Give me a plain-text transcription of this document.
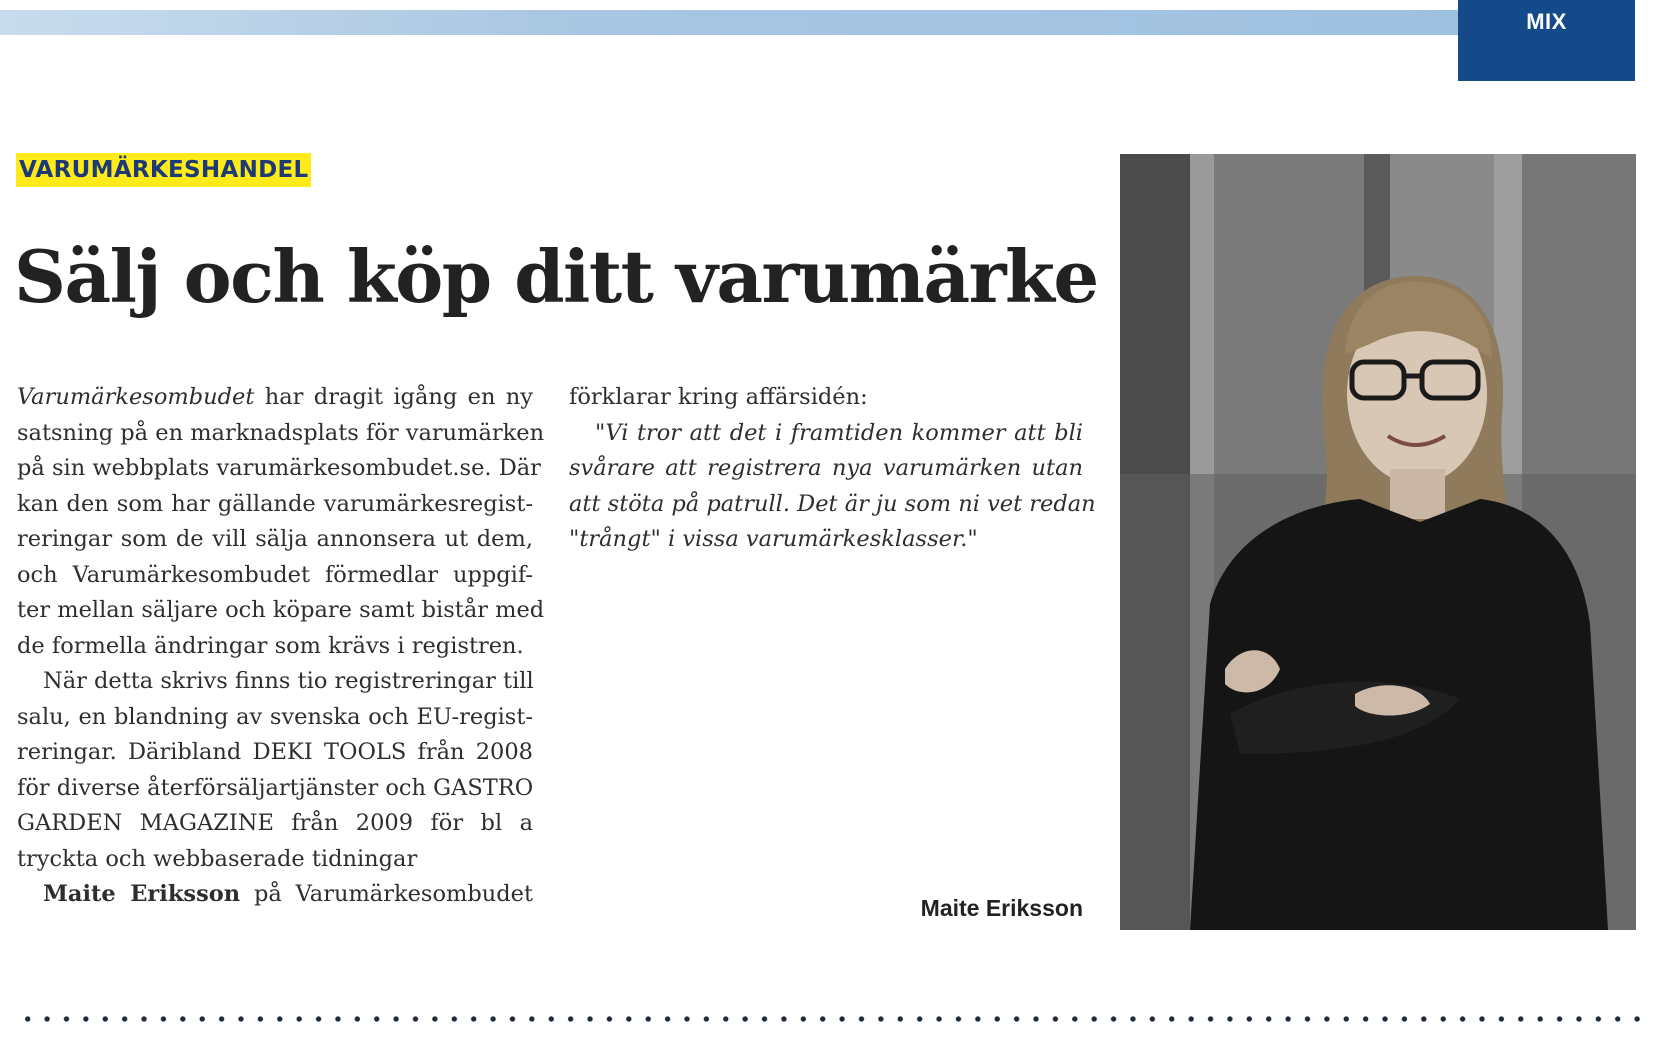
MIX
VARUMÄRKESHANDEL
Sälj och köp ditt varumärke
Varumärkesombudet har dragit igång en ny
satsning på en marknadsplats för varumärken
på sin webbplats varumärkesombudet.se. Där
kan den som har gällande varumärkesregist-
reringar som de vill sälja annonsera ut dem,
och Varumärkesombudet förmedlar uppgif-
ter mellan säljare och köpare samt bistår med
de formella ändringar som krävs i registren.
När detta skrivs finns tio registreringar till
salu, en blandning av svenska och EU-regist-
reringar. Däribland DEKI TOOLS från 2008
för diverse återförsäljartjänster och GASTRO
GARDEN MAGAZINE från 2009 för bl a
tryckta och webbaserade tidningar
Maite Eriksson på Varumärkesombudet
förklarar kring affärsidén:
"Vi tror att det i framtiden kommer att bli
svårare att registrera nya varumärken utan
att stöta på patrull. Det är ju som ni vet redan
"trångt" i vissa varumärkesklasser."
Maite Eriksson
